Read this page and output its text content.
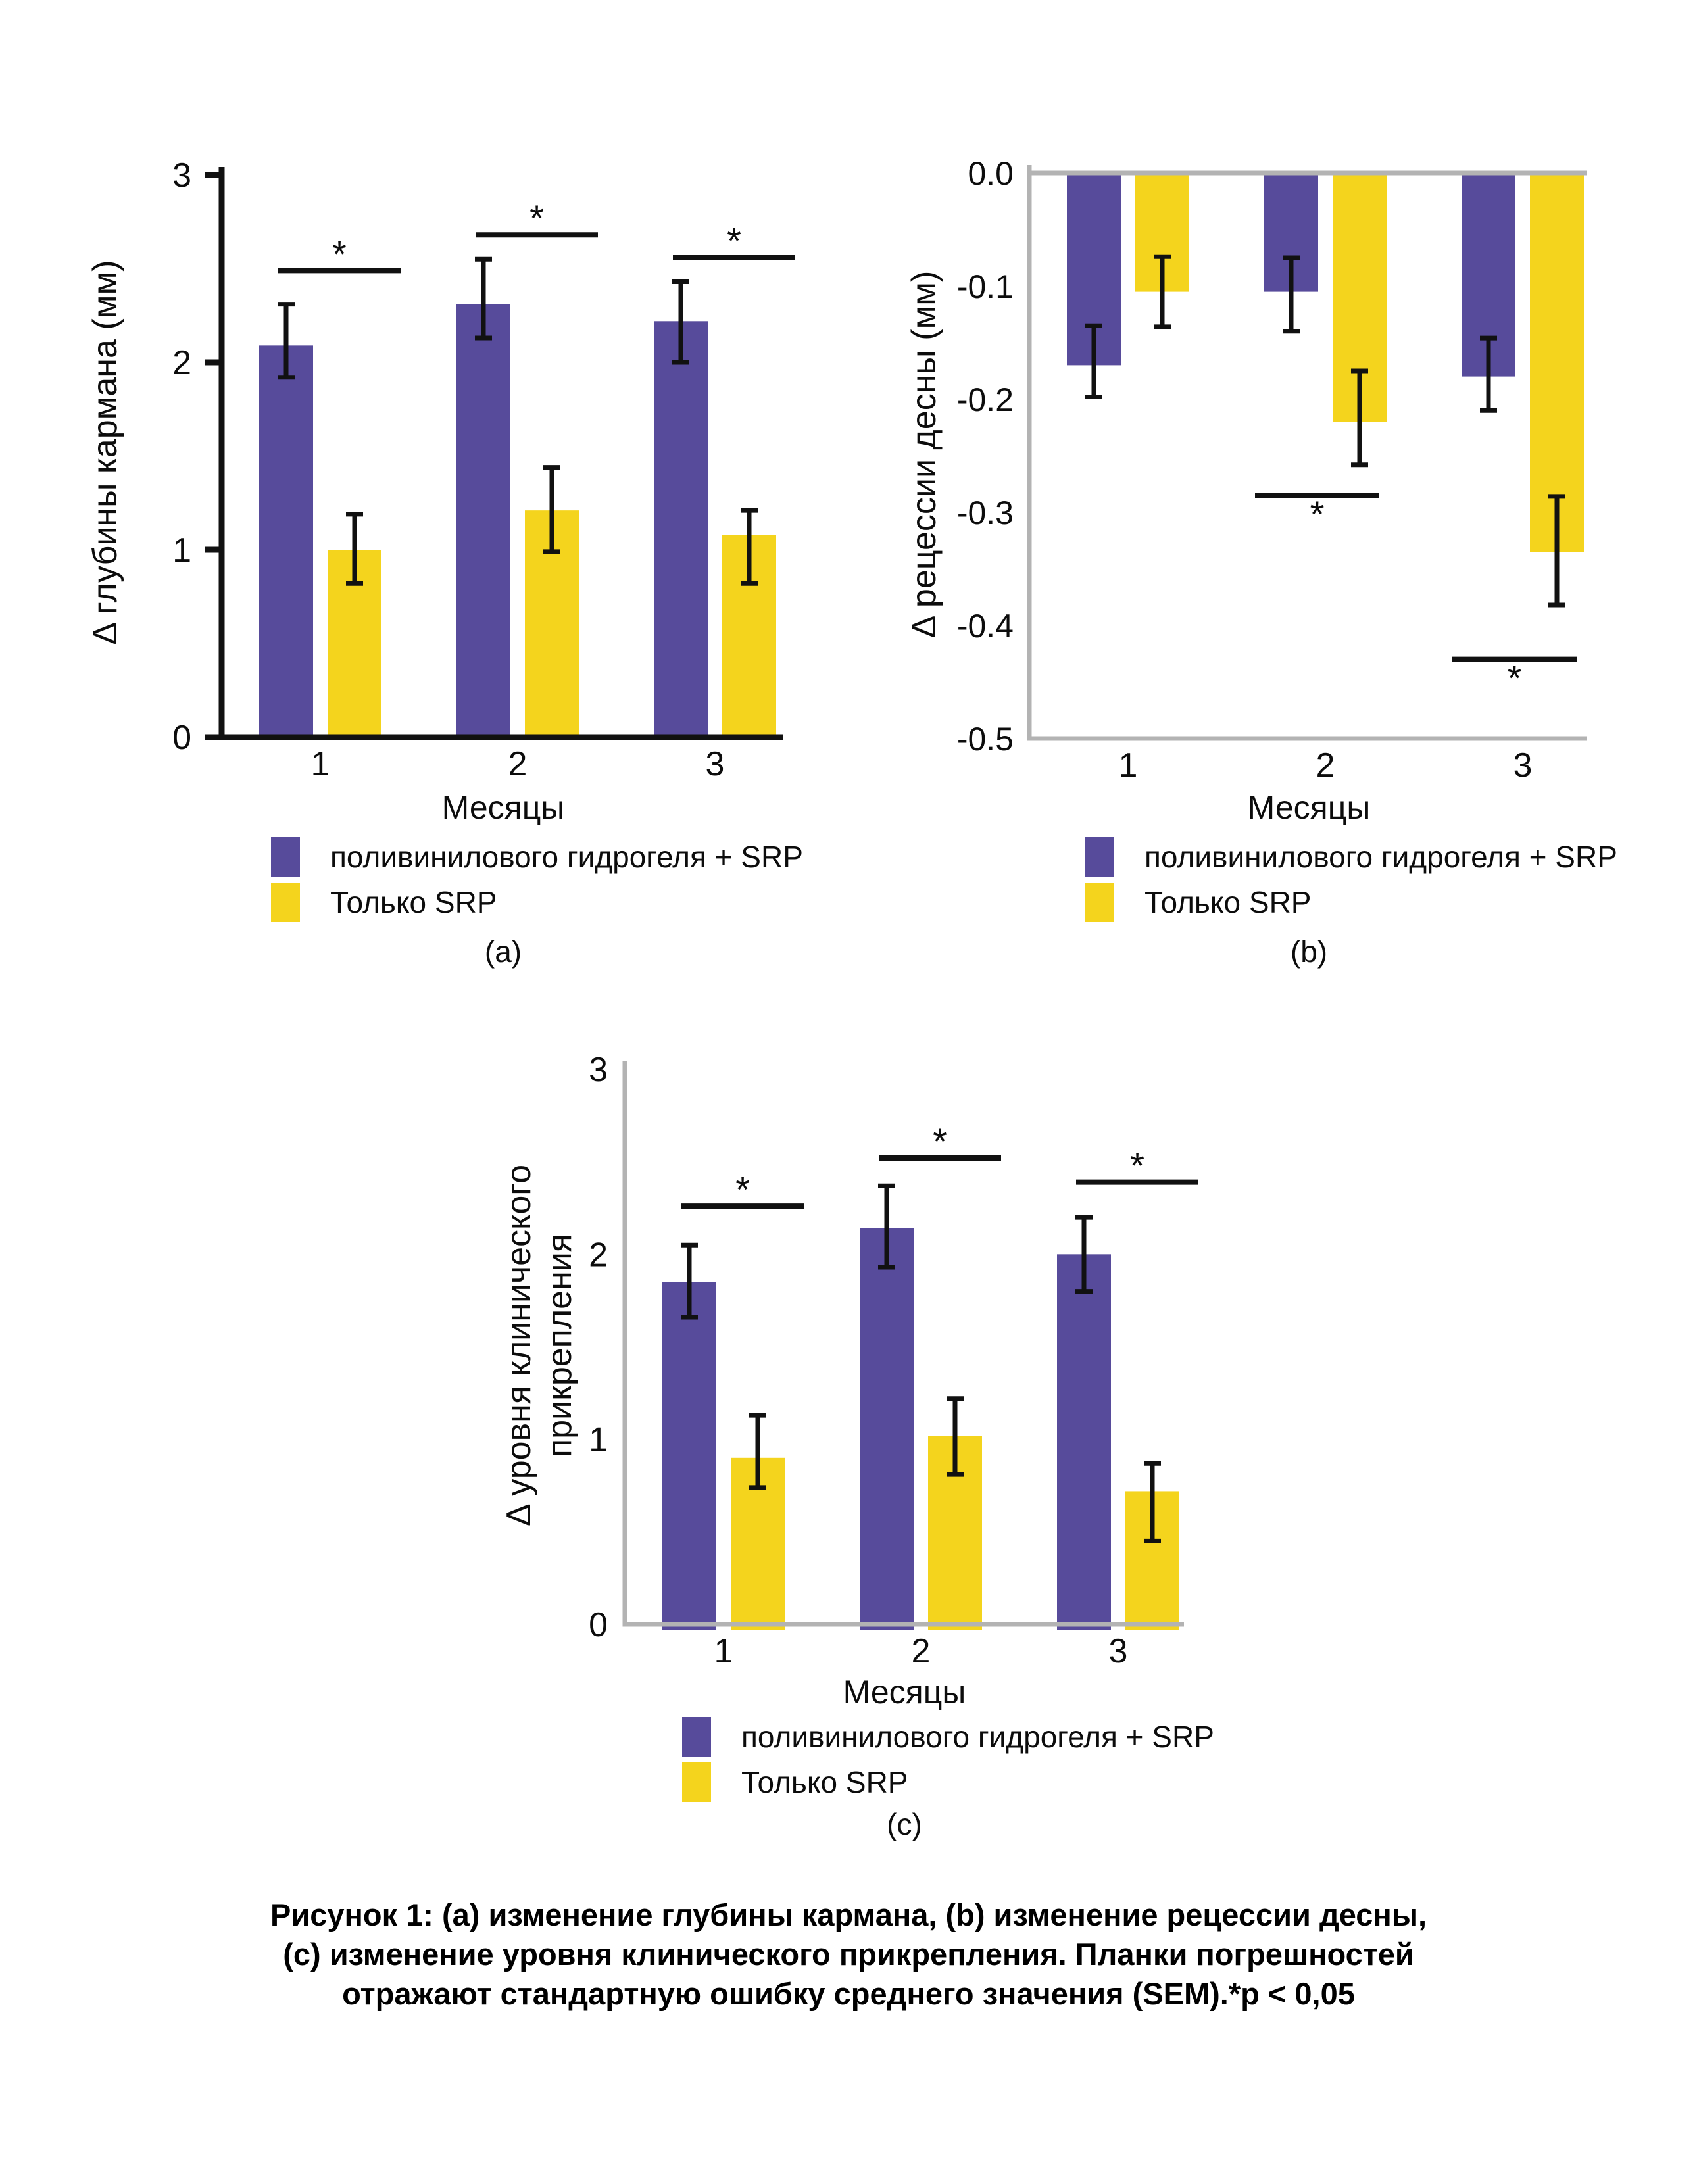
3
2
1
0
1	2	3
*
*
*
0.0
-0.1
-0.2
-0.3
-0.4
-0.5
1	2	3
*
*
3
2
1
0
1	2	3
*
*
*
Δ глубины кармана (мм)	Δ рецессии десны (мм)
Δ уровня клинического прикрепления
Месяцы	Месяцы
Месяцы
поливинилового гидрогеля + SRP
Только SRP
поливинилового гидрогеля + SRP
Только SRP
поливинилового гидрогеля + SRP
Только SRP
(a)	(b)
(c)
Рисунок 1: (a) изменение глубины кармана, (b) изменение рецессии десны,
(c) изменение уровня клинического прикрепления. Планки погрешностей
отражают стандартную ошибку среднего значения (SEM).*p < 0,05
